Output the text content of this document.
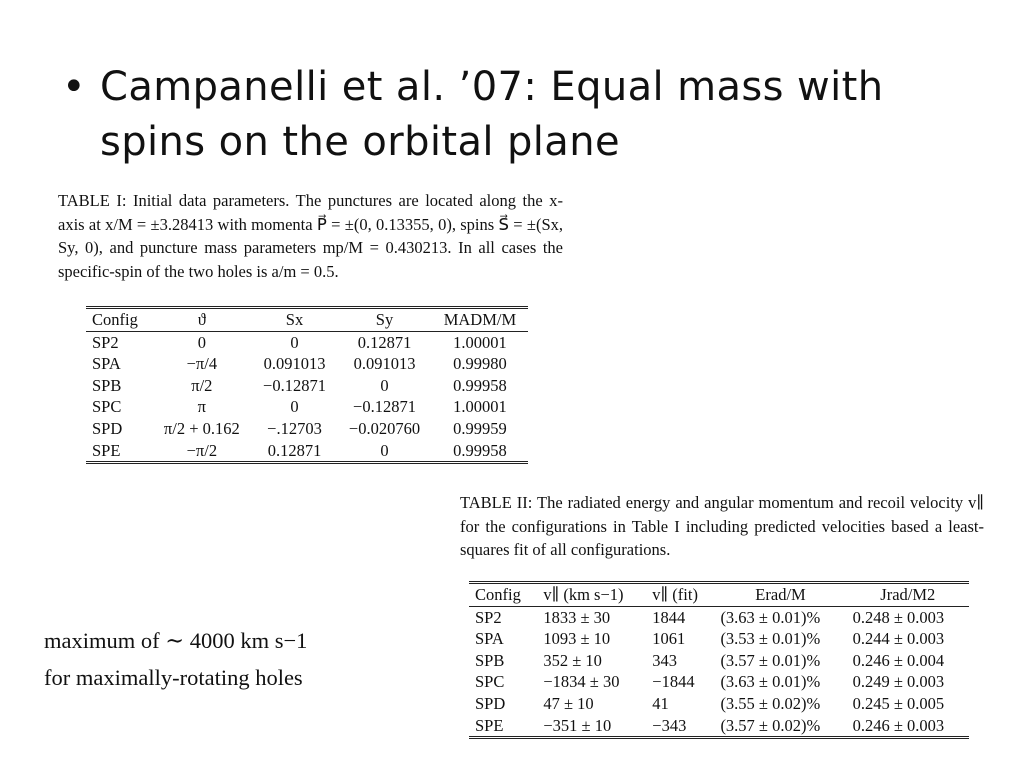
• Campanelli et al. ’07: Equal mass with spins on the orbital plane
TABLE I: Initial data parameters. The punctures are located along the x-axis at x/M = ±3.28413 with momenta P⃗ = ±(0, 0.13355, 0), spins S⃗ = ±(Sx, Sy, 0), and puncture mass parameters mp/M = 0.430213. In all cases the specific-spin of the two holes is a/m = 0.5.
Config	ϑ	Sx	Sy	MADM/M
SP2	0	0	0.12871	1.00001
SPA	−π/4	0.091013	0.091013	0.99980
SPB	π/2	−0.12871	0	0.99958
SPC	π	0	−0.12871	1.00001
SPD	π/2 + 0.162	−.12703	−0.020760	0.99959
SPE	−π/2	0.12871	0	0.99958
TABLE II: The radiated energy and angular momentum and recoil velocity v∥ for the configurations in Table I including predicted velocities based a least-squares fit of all configurations.
Config	v∥ (km s−1)	v∥ (fit)	Erad/M	Jrad/M2
SP2	1833 ± 30	1844	(3.63 ± 0.01)%	0.248 ± 0.003
SPA	1093 ± 10	1061	(3.53 ± 0.01)%	0.244 ± 0.003
SPB	352 ± 10	343	(3.57 ± 0.01)%	0.246 ± 0.004
SPC	−1834 ± 30	−1844	(3.63 ± 0.01)%	0.249 ± 0.003
SPD	47 ± 10	41	(3.55 ± 0.02)%	0.245 ± 0.005
SPE	−351 ± 10	−343	(3.57 ± 0.02)%	0.246 ± 0.003
maximum of ∼ 4000 km s−1
for maximally-rotating holes
